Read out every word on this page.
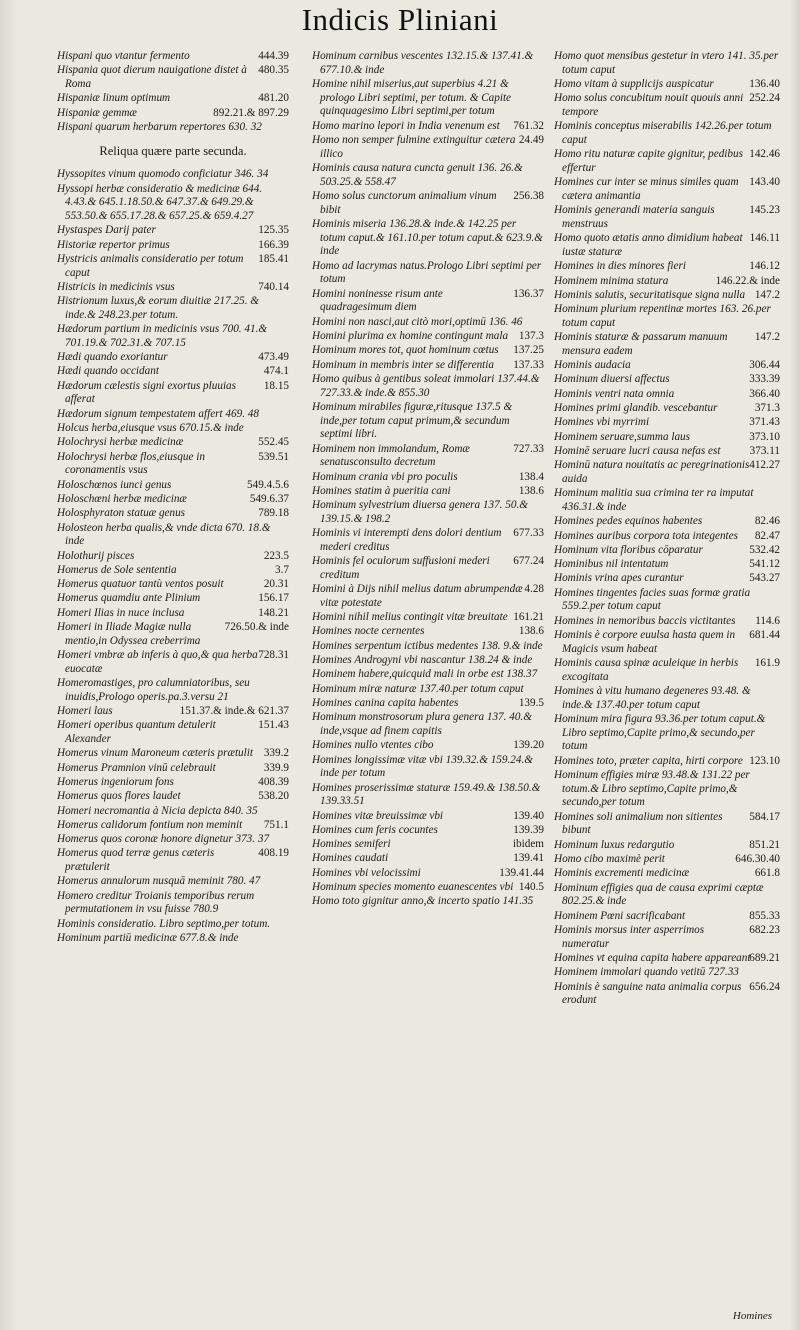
Indicis Pliniani
444.39
Hispani quo vtantur fermento
480.35
Hispania quot dierum nauigatione distet à Roma
481.20
Hispaniæ linum optimum
892.21.& 897.29
Hispaniæ gemmæ
Hispani quarum herbarum repertores 630. 32
Reliqua quære parte secunda.
Hyssopites vinum quomodo conficiatur 346. 34
Hyssopi herbæ consideratio & medicinæ 644. 4.43.& 645.1.18.50.& 647.37.& 649.29.& 553.50.& 655.17.28.& 657.25.& 659.4.27
125.35
Hystaspes Darij pater
166.39
Historiæ repertor primus
185.41
Hystricis animalis consideratio per totum caput
740.14
Histricis in medicinis vsus
Histrionum luxus,& eorum diuitiæ 217.25. & inde.& 248.23.per totum.
Hædorum partium in medicinis vsus 700. 41.& 701.19.& 702.31.& 707.15
473.49
Hædi quando exoriantur
474.1
Hædi quando occidant
18.15
Hædorum cælestis signi exortus pluuias afferat
Hædorum signum tempestatem affert 469. 48
Holcus herba,eiusque vsus 670.15.& inde
552.45
Holochrysi herbæ medicinæ
539.51
Holochrysi herbæ flos,eiusque in coronamentis vsus
549.4.5.6
Holoschœnos iunci genus
549.6.37
Holoschœni herbæ medicinæ
789.18
Holosphyraton statuæ genus
Holosteon herba qualis,& vnde dicta 670. 18.& inde
223.5
Holothurij pisces
3.7
Homerus de Sole sententia
20.31
Homerus quatuor tantù ventos posuit
156.17
Homerus quamdiu ante Plinium
148.21
Homeri Ilias in nuce inclusa
726.50.& inde
Homeri in Iliade Magiæ nulla mentio,in Odyssea creberrima
728.31
Homeri vmbræ ab inferis à quo,& qua herba euocatæ
Homeromastiges, pro calumniatoribus, seu inuidis,Prologo operis.pa.3.versu 21
151.37.& inde.& 621.37
Homeri laus
151.43
Homeri operibus quantum detulerit Alexander
339.2
Homerus vinum Maroneum cæteris prætulit
339.9
Homerus Pramnion vinū celebrauit
408.39
Homerus ingeniorum fons
538.20
Homerus quos flores laudet
Homeri necromantia à Nicia depicta 840. 35
751.1
Homerus calidorum fontium non meminit
Homerus quos coronæ honore dignetur 373. 37
408.19
Homerus quod terræ genus cæteris prætulerit
Homerus annulorum nusquā meminit 780. 47
Homero creditur Troianis temporibus rerum permutationem in vsu fuisse 780.9
Hominis consideratio. Libro septimo,per totum.
Hominum partiū medicinæ 677.8.& inde
Hominum carnibus vescentes 132.15.& 137.41.& 677.10.& inde
Homine nihil miserius,aut superbius 4.21 & prologo Libri septimi, per totum. & Capite quinquagesimo Libri septimi,per totum
761.32
Homo marino lepori in India venenum est
24.49
Homo non semper fulmine extinguitur cætera illico
Hominis causa natura cuncta genuit 136. 26.& 503.25.& 558.47
256.38
Homo solus cunctorum animalium vinum bibit
Hominis miseria 136.28.& inde.& 142.25 per totum caput.& 161.10.per totum caput.& 623.9.& inde
Homo ad lacrymas natus.Prologo Libri septimi per totum
136.37
Homini noninesse risum ante quadragesimum diem
Homini non nasci,aut citò mori,optimū 136. 46
137.3
Homini plurima ex homine contingunt mala
137.25
Hominum mores tot, quot hominum cœtus
137.33
Hominum in membris inter se differentia
Homo quibus à gentibus soleat immolari 137.44.& 727.33.& inde.& 855.30
Hominum mirabiles figuræ,ritusque 137.5 & inde,per totum caput primum,& secundum septimi libri.
727.33
Hominem non immolandum, Romæ senatusconsulto decretum
138.4
Hominum crania vbi pro poculis
138.6
Homines statim à pueritia cani
Hominum sylvestrium diuersa genera 137. 50.& 139.15.& 198.2
677.33
Hominis vi interempti dens dolori dentium mederi creditus
677.24
Hominis fel oculorum suffusioni mederi creditum
4.28
Homini à Dijs nihil melius datum abrumpendæ vitæ potestate
161.21
Homini nihil melius contingit vitæ breuitate
138.6
Homines nocte cernentes
Homines serpentum ictibus medentes 138. 9.& inde
Homines Androgyni vbi nascantur 138.24 & inde
Hominem habere,quicquid mali in orbe est 138.37
Hominum miræ naturæ 137.40.per totum caput
139.5
Homines canina capita habentes
Hominum monstrosorum plura genera 137. 40.& inde,vsque ad finem capitis
139.20
Homines nullo vtentes cibo
Homines longissimæ vitæ vbi 139.32.& 159.24.& inde per totum
Homines proserissimæ staturæ 159.49.& 138.50.& 139.33.51
139.40
Homines vitæ breuissimæ vbi
139.39
Homines cum feris cocuntes
ibidem
Homines semiferi
139.41
Homines caudati
139.41.44
Homines vbi velocissimi
140.5
Hominum species momento euanescentes vbi
Homo toto gignitur anno,& incerto spatio 141.35
Homo quot mensibus gestetur in vtero 141. 35.per totum caput
136.40
Homo vitam à supplicijs auspicatur
252.24
Homo solus concubitum nouit quouis anni tempore
Hominis conceptus miserabilis 142.26.per totum caput
142.46
Homo ritu naturæ capite gignitur, pedibus effertur
143.40
Homines cur inter se minus similes quam cætera animantia
145.23
Hominis generandi materia sanguis menstruus
146.11
Homo quoto ætatis anno dimidium habeat iustæ staturæ
146.12
Homines in dies minores fieri
146.22.& inde
Hominem minima statura
147.2
Hominis salutis, securitatisque signa nulla
Hominum plurium repentinæ mortes 163. 26.per totum caput
147.2
Hominis staturæ & passarum manuum mensura eadem
306.44
Hominis audacia
333.39
Hominum diuersi affectus
366.40
Hominis ventri nata omnia
371.3
Homines primi glandib. vescebantur
371.43
Homines vbi myrrimi
373.10
Hominem seruare,summa laus
373.11
Hominē seruare lucri causa nefas est
412.27
Hominū natura nouitatis ac peregrinationis auida
Hominum malitia sua crimina ter ra imputat 436.31.& inde
82.46
Homines pedes equinos habentes
82.47
Homines auribus corpora tota integentes
532.42
Hominum vita floribus cōparatur
541.12
Hominibus nil intentatum
543.27
Hominis vrina apes curantur
Homines tingentes facies suas formæ gratia 559.2.per totum caput
114.6
Homines in nemoribus baccis victitantes
681.44
Hominis è corpore euulsa hasta quem in Magicis vsum habeat
161.9
Hominis causa spinæ aculeique in herbis excogitata
Homines à vitu humano degeneres 93.48. & inde.& 137.40.per totum caput
Hominum mira figura 93.36.per totum caput.& Libro septimo,Capite primo,& secundo,per totum
123.10
Homines toto, præter capita, hirti corpore
Hominum effigies miræ 93.48.& 131.22 per totum.& Libro septimo,Capite primo,& secundo,per totum
584.17
Homines soli animalium non sitientes bibunt
851.21
Hominum luxus redargutio
646.30.40
Homo cibo maximè perit
661.8
Hominis excrementi medicinæ
Hominum effigies qua de causa exprimi cæptæ 802.25.& inde
855.33
Hominem Pœni sacrificabant
682.23
Hominis morsus inter asperrimos numeratur
689.21
Homines vt equina capita habere appareant
Hominem immolari quando vetitū 727.33
656.24
Hominis è sanguine nata animalia corpus erodunt
Homines
